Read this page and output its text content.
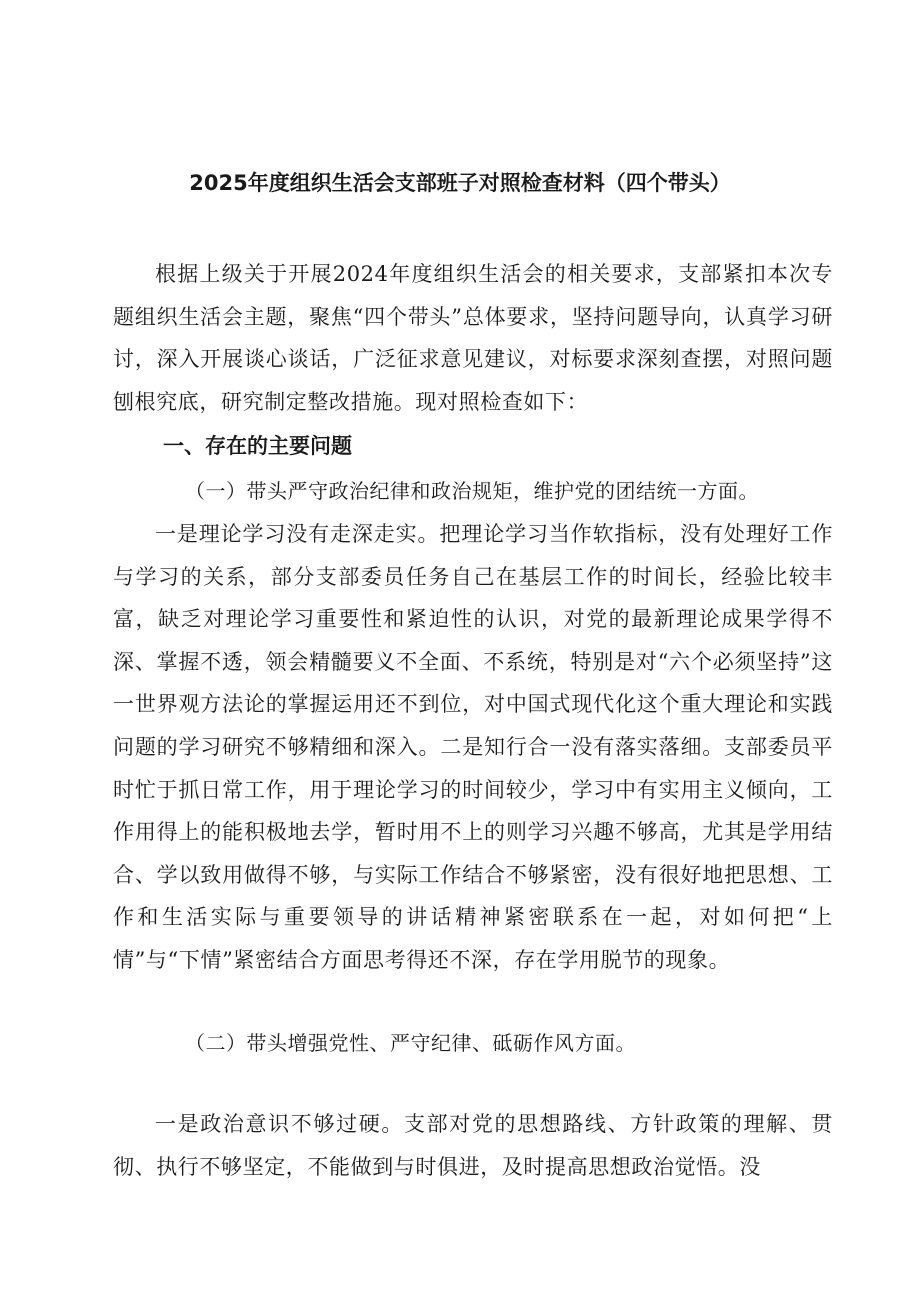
2025年度组织生活会支部班子对照检查材料（四个带头）

根据上级关于开展2024年度组织生活会的相关要求，支部紧扣本次专题组织生活会主题，聚焦“四个带头”总体要求，坚持问题导向，认真学习研讨，深入开展谈心谈话，广泛征求意见建议，对标要求深刻查摆，对照问题刨根究底，研究制定整改措施。现对照检查如下：

一、存在的主要问题

（一）带头严守政治纪律和政治规矩，维护党的团结统一方面。

一是理论学习没有走深走实。把理论学习当作软指标，没有处理好工作与学习的关系，部分支部委员任务自己在基层工作的时间长，经验比较丰富，缺乏对理论学习重要性和紧迫性的认识，对党的最新理论成果学得不深、掌握不透，领会精髓要义不全面、不系统，特别是对“六个必须坚持”这一世界观方法论的掌握运用还不到位，对中国式现代化这个重大理论和实践问题的学习研究不够精细和深入。二是知行合一没有落实落细。支部委员平时忙于抓日常工作，用于理论学习的时间较少，学习中有实用主义倾向，工作用得上的能积极地去学，暂时用不上的则学习兴趣不够高，尤其是学用结合、学以致用做得不够，与实际工作结合不够紧密，没有很好地把思想、工作和生活实际与重要领导的讲话精神紧密联系在一起，对如何把“上情”与“下情”紧密结合方面思考得还不深，存在学用脱节的现象。

（二）带头增强党性、严守纪律、砥砺作风方面。

一是政治意识不够过硬。支部对党的思想路线、方针政策的理解、贯彻、执行不够坚定，不能做到与时俱进，及时提高思想政治觉悟。没
